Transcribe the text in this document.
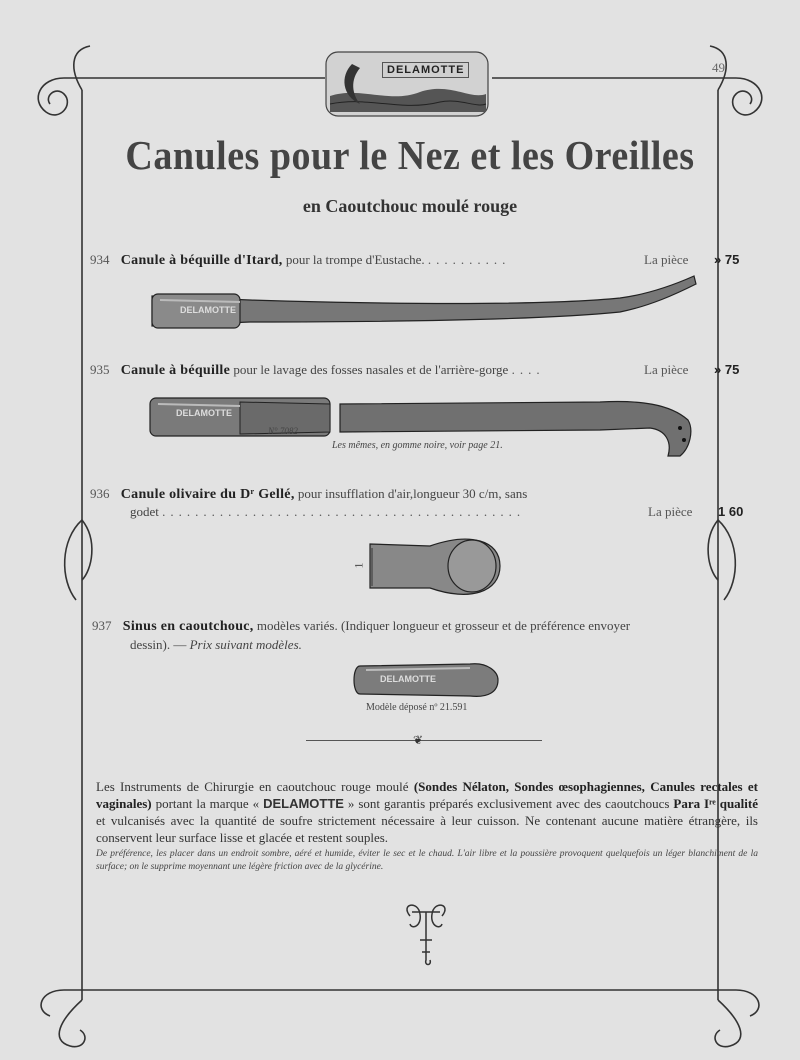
49
DELAMOTTE
Canules pour le Nez et les Oreilles
en Caoutchouc moulé rouge
934 Canule à béquille d'Itard, pour la trompe d'Eustache. ..........	La pièce » 75
DELAMOTTE
935 Canule à béquille pour le lavage des fosses nasales et de l'arrière-gorge ....	La pièce » 75
DELAMOTTE
N° 7082
Les mêmes, en gomme noire, voir page 21.
936 Canule olivaire du Dʳ Gellé, pour insufflation d'air,longueur 30 c/m, sans
godet ............................................	La pièce 1 60
1
937 Sinus en caoutchouc, modèles variés. (Indiquer longueur et grosseur et de préférence envoyer
dessin). — Prix suivant modèles.
DELAMOTTE
Modèle déposé nº 21.591
❦
Les Instruments de Chirurgie en caoutchouc rouge moulé (Sondes Nélaton, Sondes œsophagiennes, Canules rectales et vaginales) portant la marque « DELAMOTTE » sont garantis préparés exclusivement avec des caoutchoucs Para Iʳᵉ qualité et vulcanisés avec la quantité de soufre strictement nécessaire à leur cuisson. Ne contenant aucune matière étrangère, ils conservent leur surface lisse et glacée et restent souples.
De préférence, les placer dans un endroit sombre, aéré et humide, éviter le sec et le chaud. L'air libre et la poussière provoquent quelquefois un léger blanchiment de la surface; on le supprime moyennant une légère friction avec de la glycérine.
